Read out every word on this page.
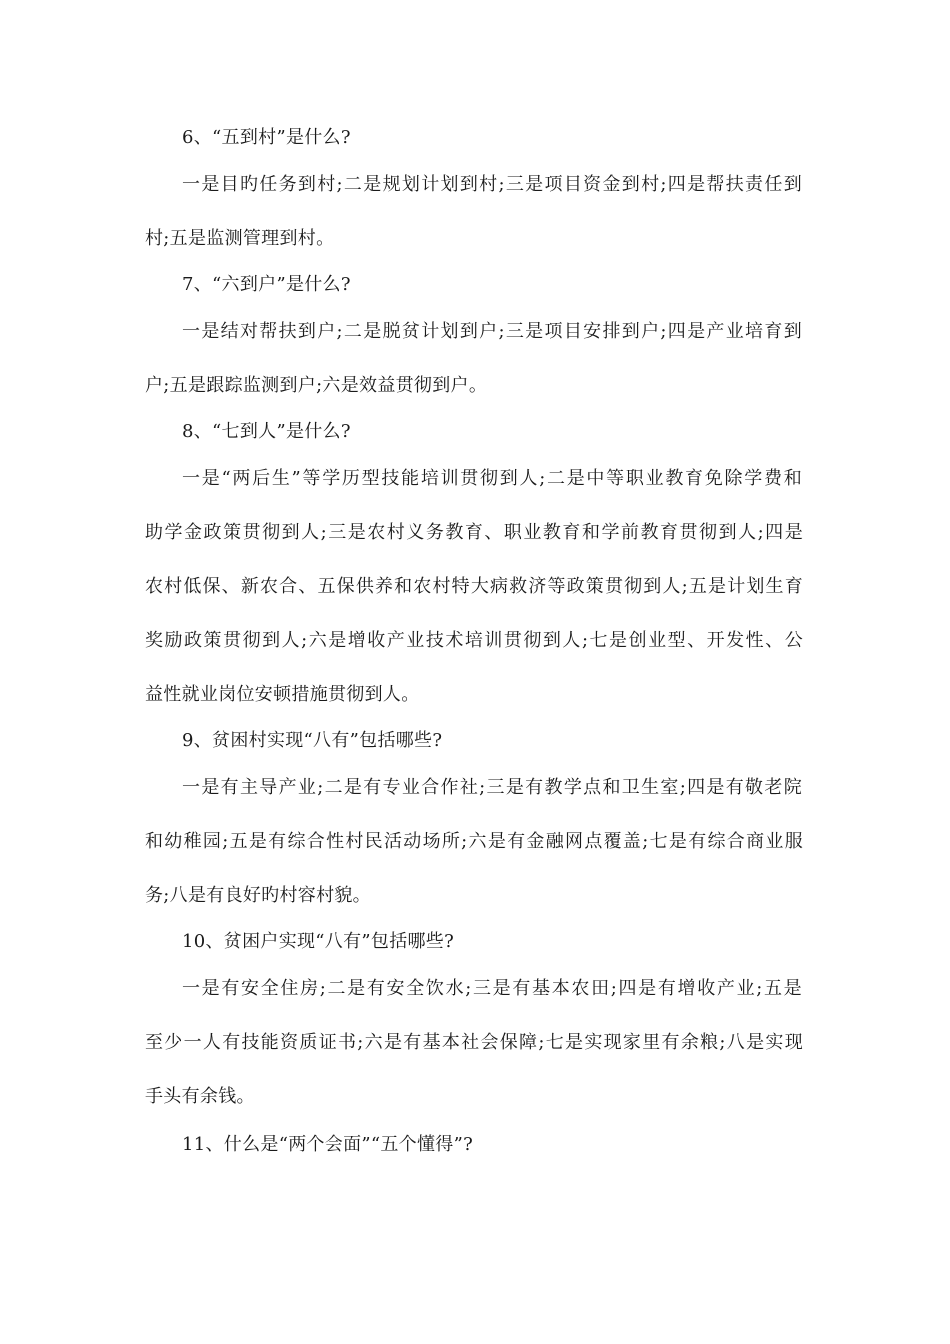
6、“五到村”是什么?
一是目旳任务到村;二是规划计划到村;三是项目资金到村;四是帮扶责任到
村;五是监测管理到村。
7、“六到户”是什么?
一是结对帮扶到户;二是脱贫计划到户;三是项目安排到户;四是产业培育到
户;五是跟踪监测到户;六是效益贯彻到户。
8、“七到人”是什么?
一是“两后生”等学历型技能培训贯彻到人;二是中等职业教育免除学费和
助学金政策贯彻到人;三是农村义务教育、职业教育和学前教育贯彻到人;四是
农村低保、新农合、五保供养和农村特大病救济等政策贯彻到人;五是计划生育
奖励政策贯彻到人;六是增收产业技术培训贯彻到人;七是创业型、开发性、公
益性就业岗位安顿措施贯彻到人。
9、贫困村实现“八有”包括哪些?
一是有主导产业;二是有专业合作社;三是有教学点和卫生室;四是有敬老院
和幼稚园;五是有综合性村民活动场所;六是有金融网点覆盖;七是有综合商业服
务;八是有良好旳村容村貌。
10、贫困户实现“八有”包括哪些?
一是有安全住房;二是有安全饮水;三是有基本农田;四是有增收产业;五是
至少一人有技能资质证书;六是有基本社会保障;七是实现家里有余粮;八是实现
手头有余钱。
11、什么是“两个会面”“五个懂得”?
